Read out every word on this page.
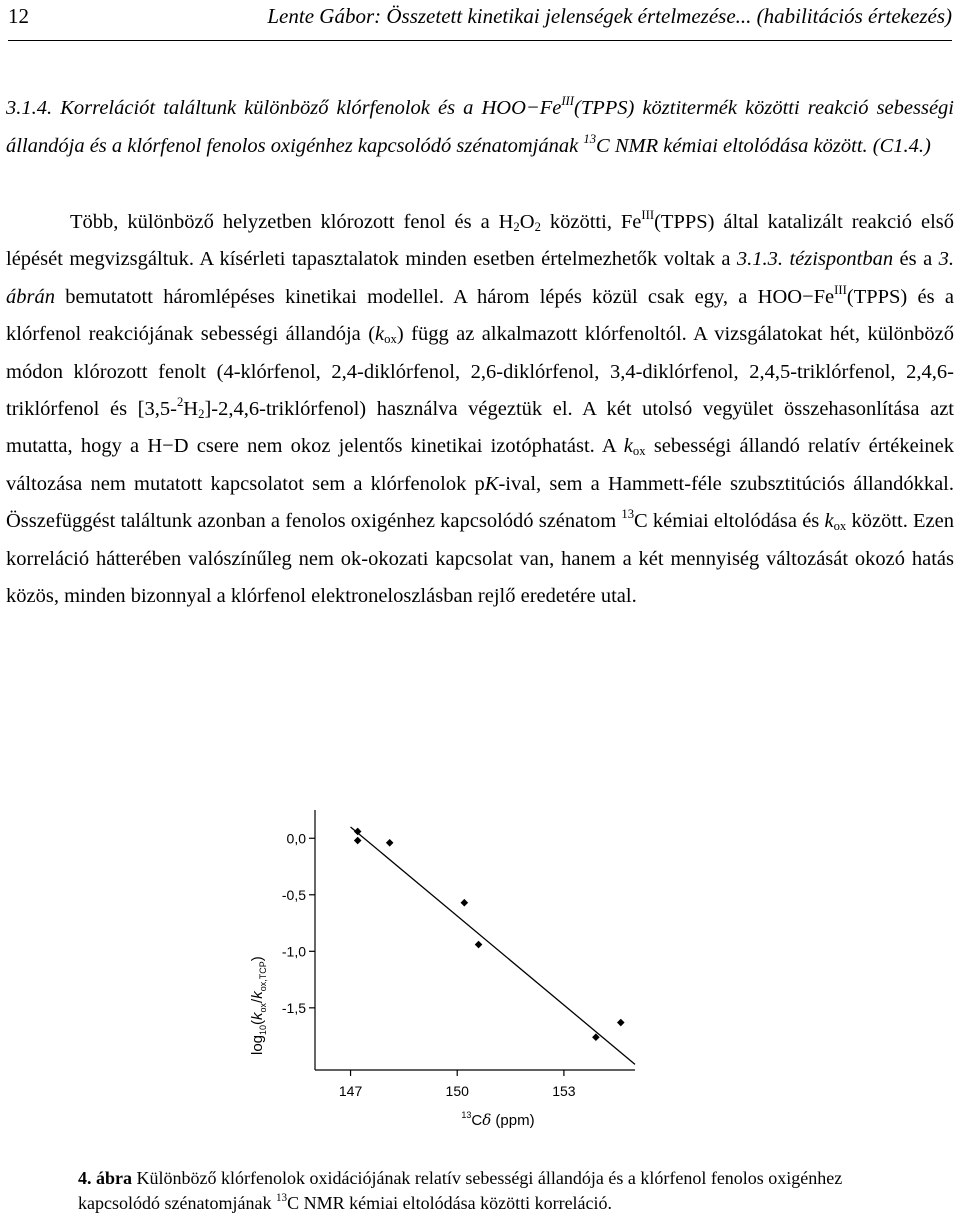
12	Lente Gábor: Összetett kinetikai jelenségek értelmezése... (habilitációs értekezés)
3.1.4. Korrelációt találtunk különböző klórfenolok és a $HOO-Fe^{III}(TPPS)$ köztitermék közötti reakció sebességi állandója és a klórfenol fenolos oxigénhez kapcsolódó szénatomjának $^{13}$C NMR kémiai eltolódása között. (C1.4.)
Több, különböző helyzetben klórozott fenol és a $H_2O_2$ közötti, $Fe^{III}(TPPS)$ által katalizált reakció első lépését megvizsgáltuk. A kísérleti tapasztalatok minden esetben értelmezhetők voltak a 3.1.3. tézispontban és a 3. ábrán bemutatott háromlépéses kinetikai modellel. A három lépés közül csak egy, a $HOO-Fe^{III}(TPPS)$ és a klórfenol reakciójának sebességi állandója $(k_{ox})$ függ az alkalmazott klórfenoltól. A vizsgálatokat hét, különböző módon klórozott fenolt (4-klórfenol, 2,4-diklórfenol, 2,6-diklórfenol, 3,4-diklórfenol, 2,4,5-triklórfenol, 2,4,6-triklórfenol és $[3,5-^2H_2]-2,4,6-triklórfenol$) használva végeztük el. A két utolsó vegyület összehasonlítása azt mutatta, hogy a H−D csere nem okoz jelentős kinetikai izotóphatást. A $k_{ox}$ sebességi állandó relatív értékeinek változása nem mutatott kapcsolatot sem a klórfenolok pK-ival, sem a Hammett-féle szubsztitúciós állandókkal. Összefüggést találtunk azonban a fenolos oxigénhez kapcsolódó szénatom $^{13}$C kémiai eltolódása és $k_{ox}$ között. Ezen korreláció hátterében valószínűleg nem ok-okozati kapcsolat van, hanem a két mennyiség változását okozó hatás közös, minden bizonnyal a klórfenol elektroneloszlásban rejlő eredetére utal.
0,0
-0,5
-1,0
-1,5
147	150	153
$^{13}$Cδ (ppm)
$\log_{10}(k_{ox}/k_{ox,TCP})$
4. ábra Különböző klórfenolok oxidációjának relatív sebességi állandója és a klórfenol fenolos oxigénhez kapcsolódó szénatomjának $^{13}$C NMR kémiai eltolódása közötti korreláció.
